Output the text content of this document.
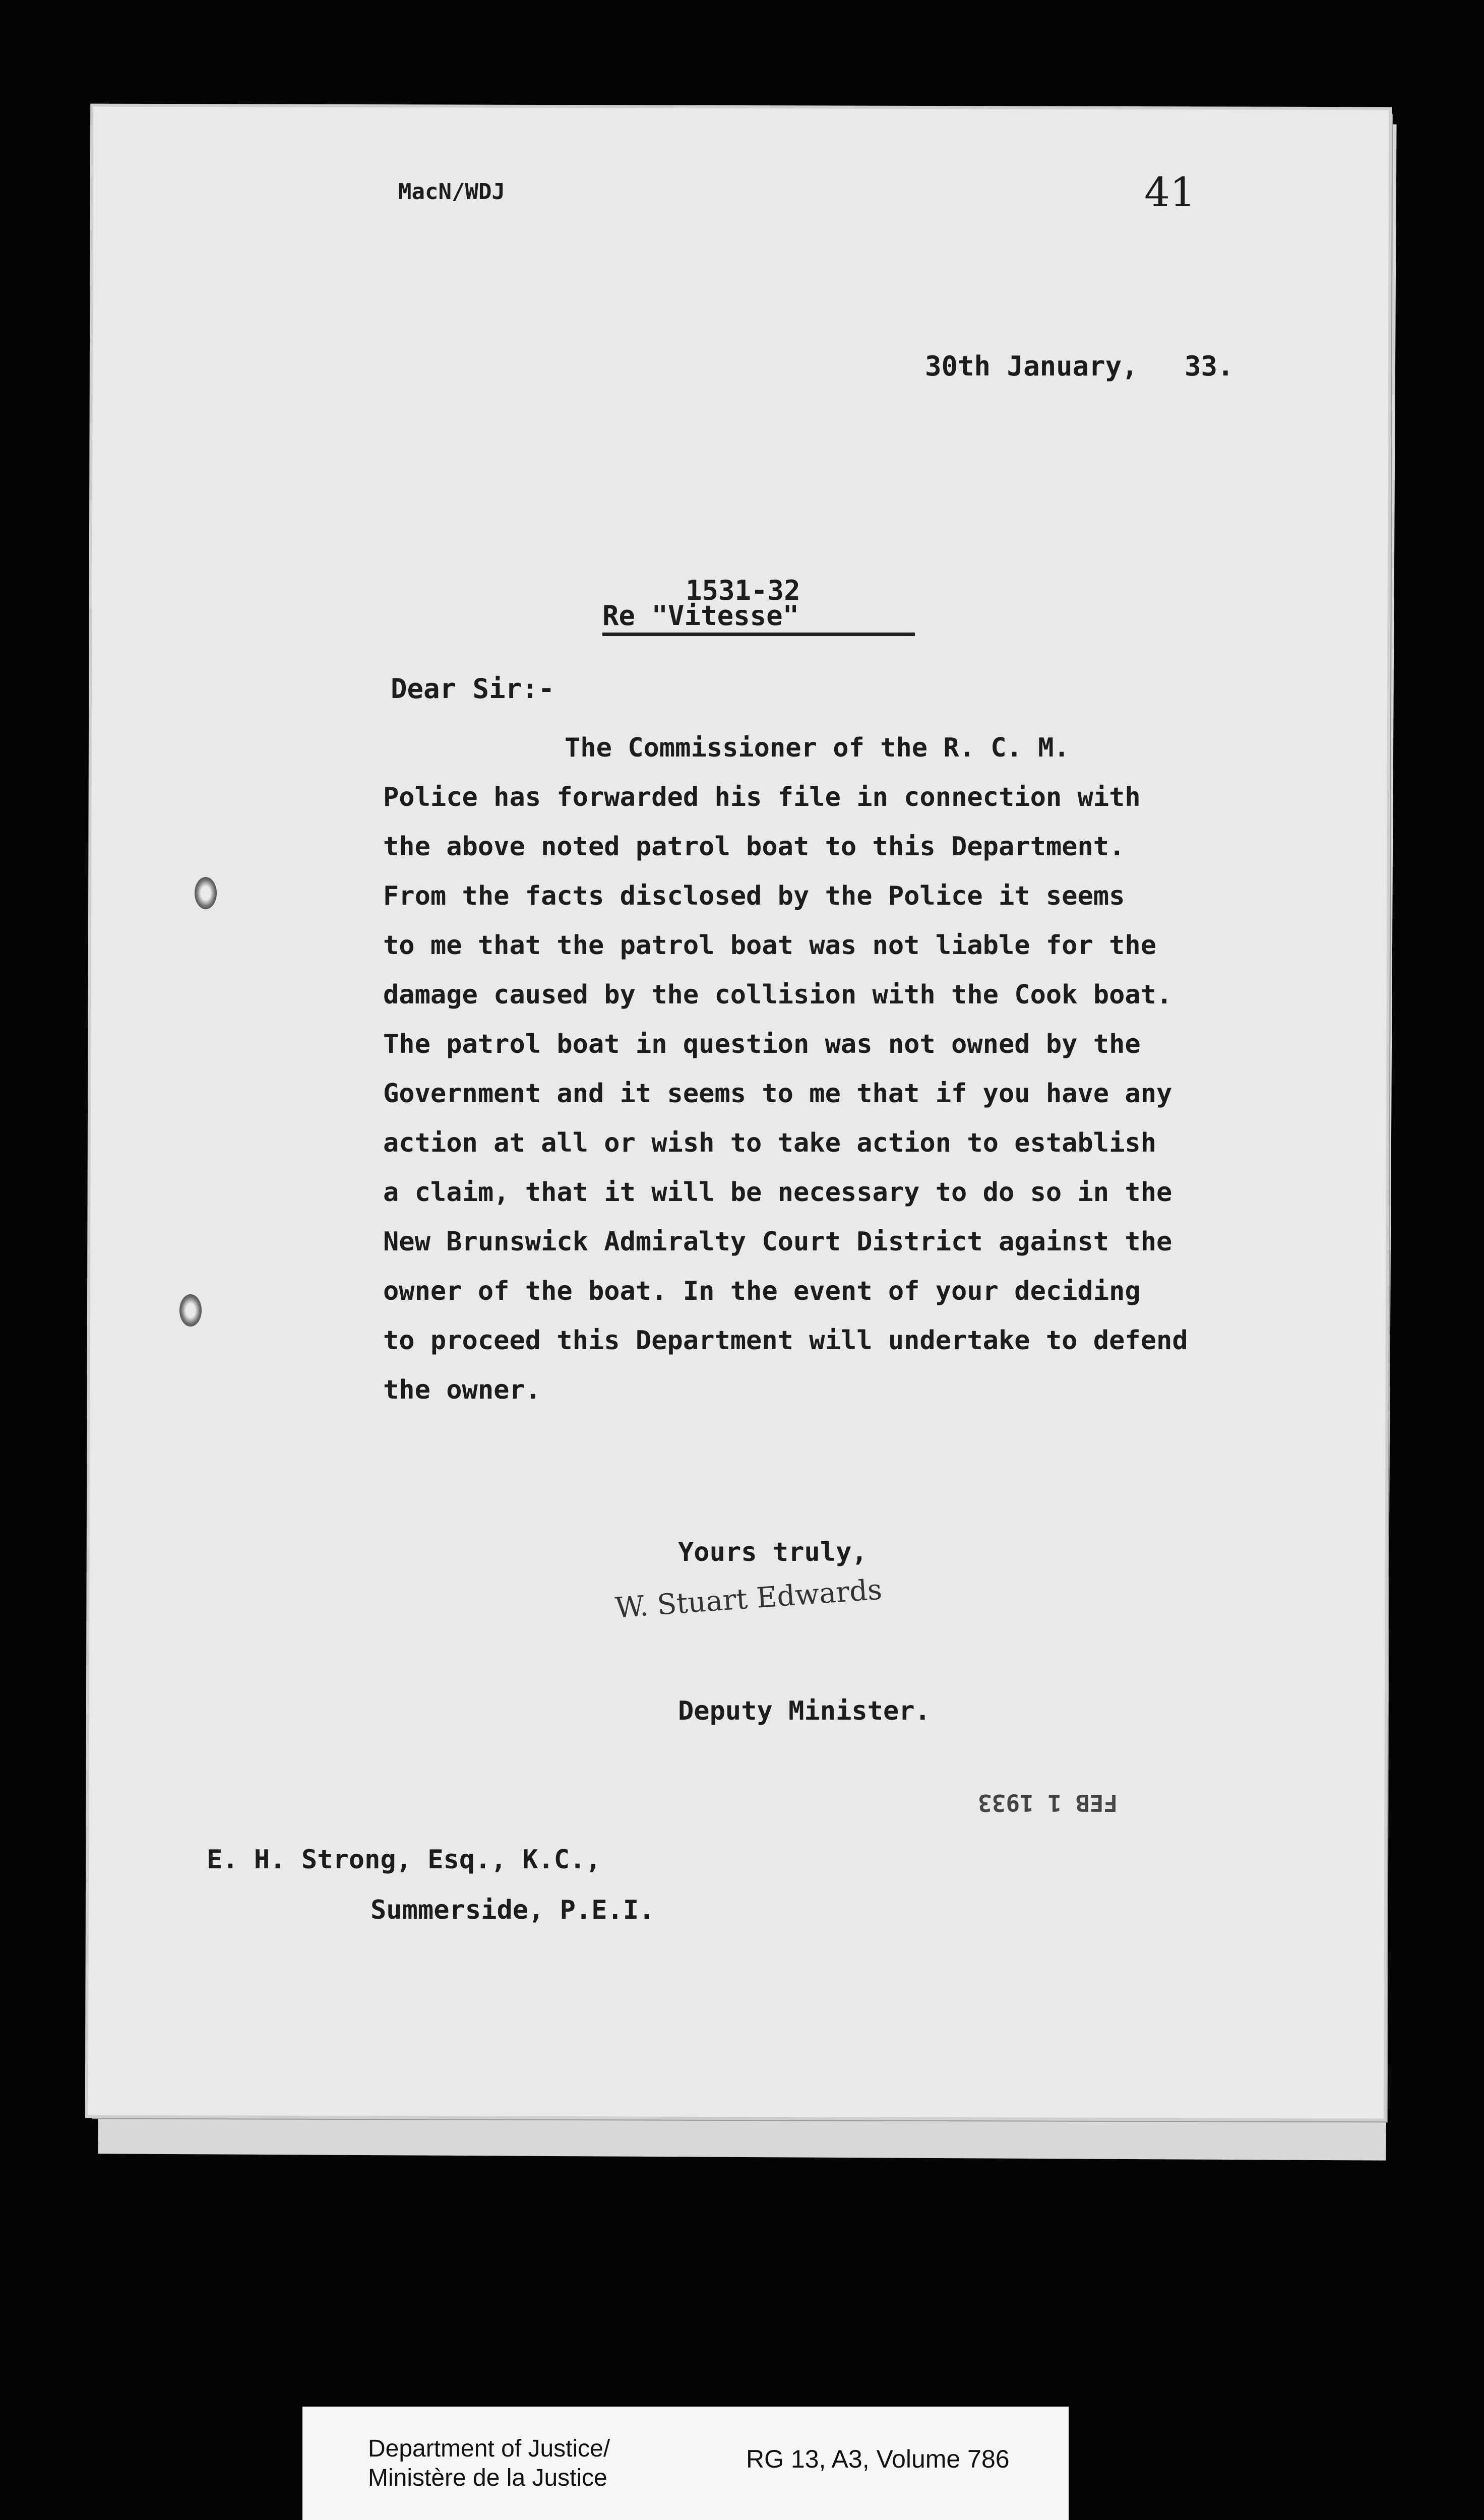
MacN/WDJ	41
30th January, 33.
1531-32
Re "Vitesse"
Dear Sir:-
The Commissioner of the R. C. M.
Police has forwarded his file in connection with
the above noted patrol boat to this Department.
From the facts disclosed by the Police it seems
to me that the patrol boat was not liable for the
damage caused by the collision with the Cook boat.
The patrol boat in question was not owned by the
Government and it seems to me that if you have any
action at all or wish to take action to establish
a claim, that it will be necessary to do so in the
New Brunswick Admiralty Court District against the
owner of the boat. In the event of your deciding
to proceed this Department will undertake to defend
the owner.
Yours truly,
W. Stuart Edwards
Deputy Minister.
FEB 1 1933
E. H. Strong, Esq., K.C.,
Summerside, P.E.I.
Department of Justice/
Ministère de la Justice
RG 13, A3, Volume 786
